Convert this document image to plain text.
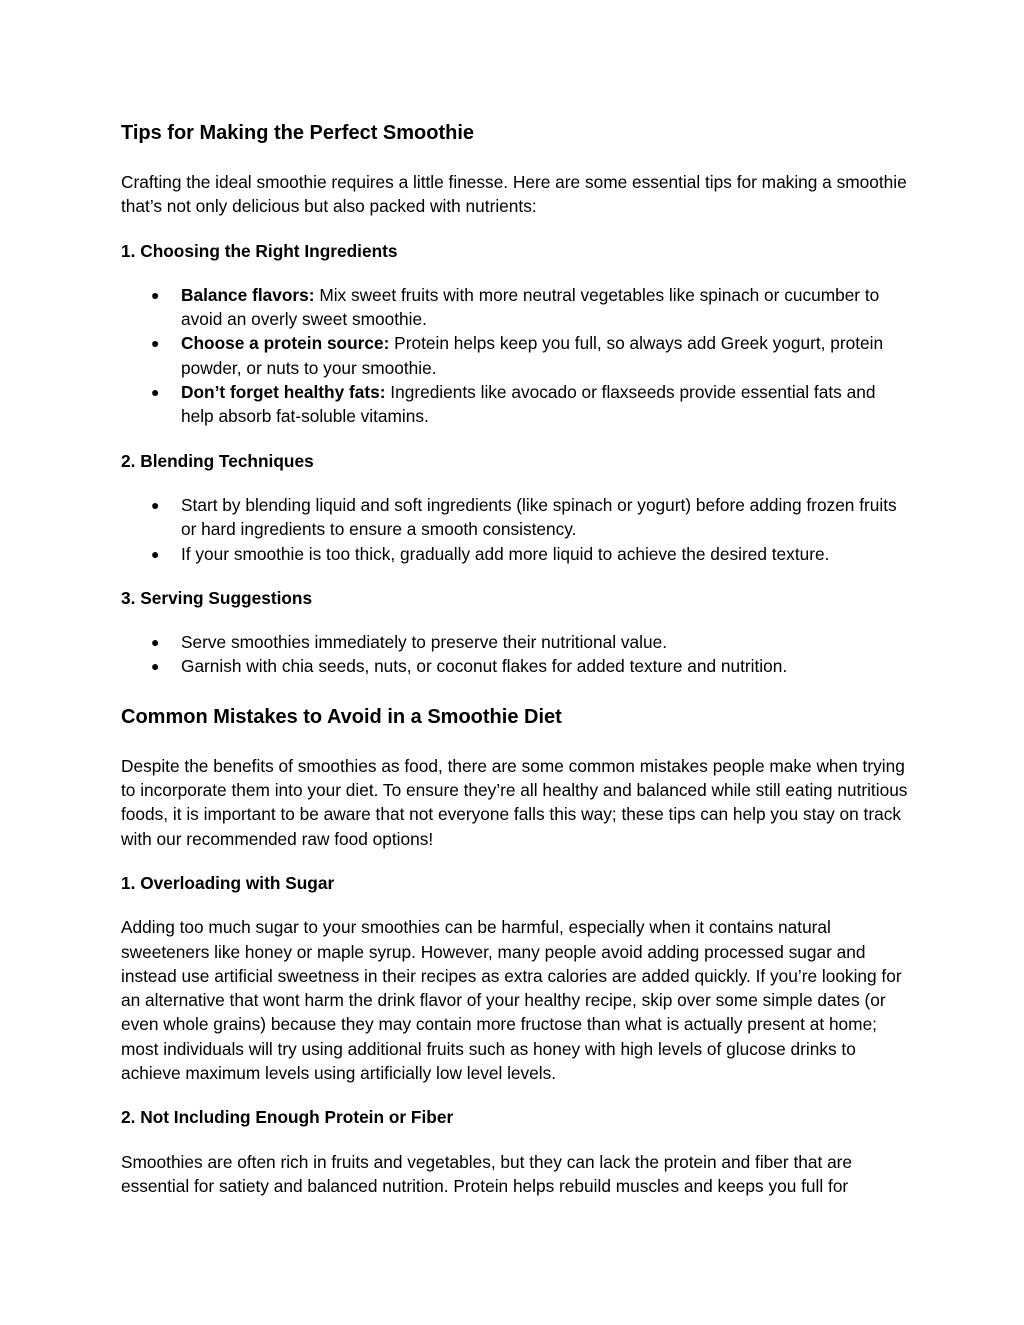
Tips for Making the Perfect Smoothie

Crafting the ideal smoothie requires a little finesse. Here are some essential tips for making a smoothie that’s not only delicious but also packed with nutrients:

1. Choosing the Right Ingredients
● Balance flavors: Mix sweet fruits with more neutral vegetables like spinach or cucumber to avoid an overly sweet smoothie.
● Choose a protein source: Protein helps keep you full, so always add Greek yogurt, protein powder, or nuts to your smoothie.
● Don’t forget healthy fats: Ingredients like avocado or flaxseeds provide essential fats and help absorb fat-soluble vitamins.
2. Blending Techniques
● Start by blending liquid and soft ingredients (like spinach or yogurt) before adding frozen fruits or hard ingredients to ensure a smooth consistency.
● If your smoothie is too thick, gradually add more liquid to achieve the desired texture.
3. Serving Suggestions
● Serve smoothies immediately to preserve their nutritional value.
● Garnish with chia seeds, nuts, or coconut flakes for added texture and nutrition.
Common Mistakes to Avoid in a Smoothie Diet

Despite the benefits of smoothies as food, there are some common mistakes people make when trying to incorporate them into your diet. To ensure they’re all healthy and balanced while still eating nutritious foods, it is important to be aware that not everyone falls this way; these tips can help you stay on track with our recommended raw food options!

1. Overloading with Sugar

Adding too much sugar to your smoothies can be harmful, especially when it contains natural sweeteners like honey or maple syrup. However, many people avoid adding processed sugar and instead use artificial sweetness in their recipes as extra calories are added quickly. If you’re looking for an alternative that wont harm the drink flavor of your healthy recipe, skip over some simple dates (or even whole grains) because they may contain more fructose than what is actually present at home; most individuals will try using additional fruits such as honey with high levels of glucose drinks to achieve maximum levels using artificially low level levels.

2. Not Including Enough Protein or Fiber

Smoothies are often rich in fruits and vegetables, but they can lack the protein and fiber that are essential for satiety and balanced nutrition. Protein helps rebuild muscles and keeps you full for
